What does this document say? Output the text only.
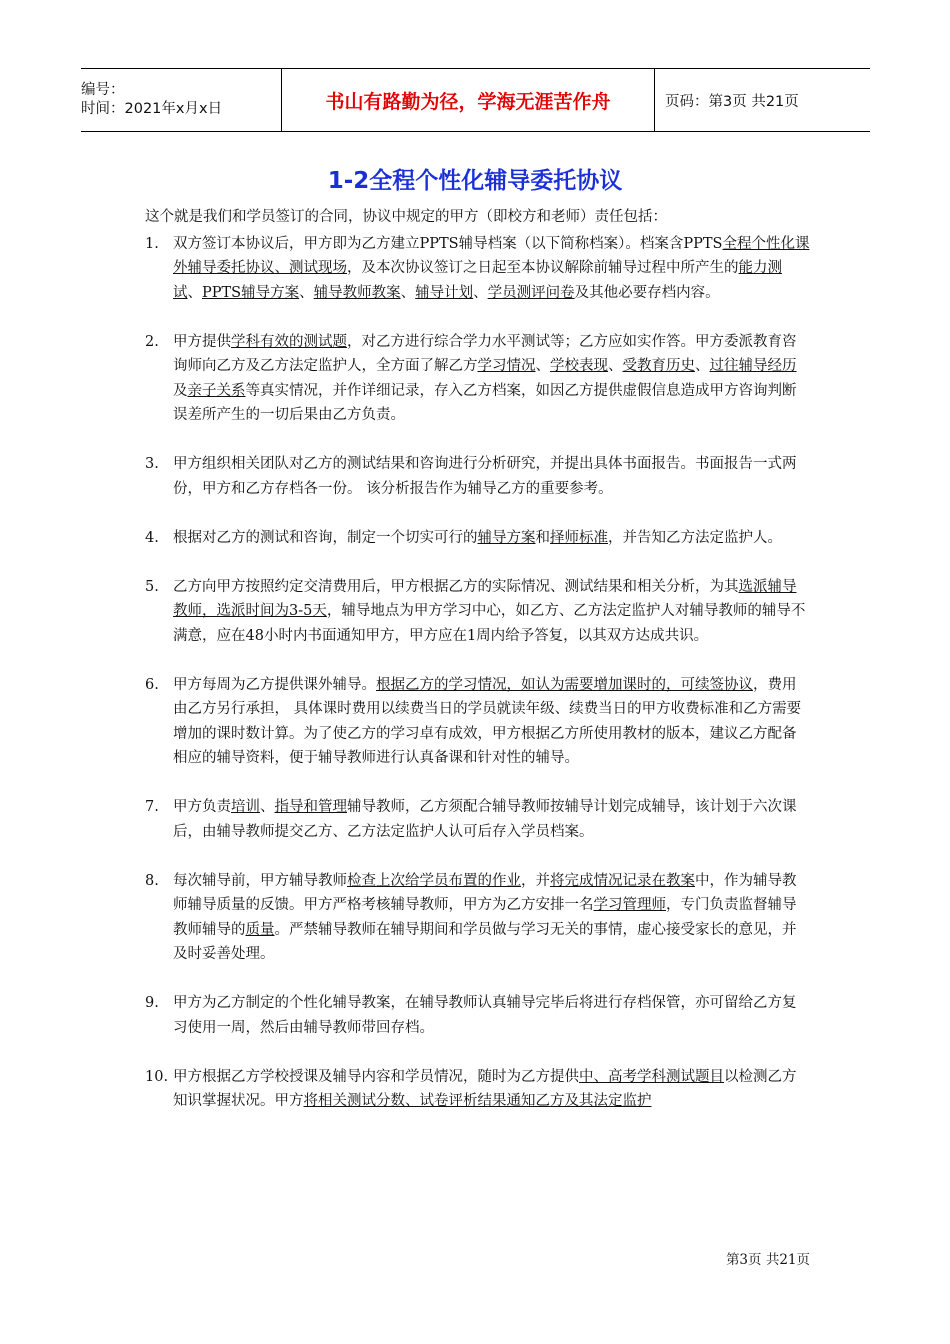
编号：
时间：2021年x月x日	书山有路勤为径，学海无涯苦作舟	页码：第3页 共21页
1-2全程个性化辅导委托协议

这个就是我们和学员签订的合同，协议中规定的甲方（即校方和老师）责任包括：

1. 双方签订本协议后，甲方即为乙方建立PPTS辅导档案（以下简称档案）。档案含PPTS全程个性化课外辅导委托协议、测试现场，及本次协议签订之日起至本协议解除前辅导过程中所产生的能力测试、PPTS辅导方案、辅导教师教案、辅导计划、学员测评问卷及其他必要存档内容。
2. 甲方提供学科有效的测试题，对乙方进行综合学力水平测试等；乙方应如实作答。甲方委派教育咨询师向乙方及乙方法定监护人，全方面了解乙方学习情况、学校表现、受教育历史、过往辅导经历及亲子关系等真实情况，并作详细记录，存入乙方档案，如因乙方提供虚假信息造成甲方咨询判断误差所产生的一切后果由乙方负责。
3. 甲方组织相关团队对乙方的测试结果和咨询进行分析研究，并提出具体书面报告。书面报告一式两份，甲方和乙方存档各一份。 该分析报告作为辅导乙方的重要参考。
4. 根据对乙方的测试和咨询，制定一个切实可行的辅导方案和择师标准，并告知乙方法定监护人。
5. 乙方向甲方按照约定交清费用后，甲方根据乙方的实际情况、测试结果和相关分析，为其选派辅导教师，选派时间为3-5天，辅导地点为甲方学习中心，如乙方、乙方法定监护人对辅导教师的辅导不满意，应在48小时内书面通知甲方，甲方应在1周内给予答复，以其双方达成共识。
6. 甲方每周为乙方提供课外辅导。根据乙方的学习情况，如认为需要增加课时的，可续签协议，费用由乙方另行承担， 具体课时费用以续费当日的学员就读年级、续费当日的甲方收费标准和乙方需要增加的课时数计算。为了使乙方的学习卓有成效，甲方根据乙方所使用教材的版本，建议乙方配备相应的辅导资料，便于辅导教师进行认真备课和针对性的辅导。
7. 甲方负责培训、指导和管理辅导教师，乙方须配合辅导教师按辅导计划完成辅导，该计划于六次课后，由辅导教师提交乙方、乙方法定监护人认可后存入学员档案。
8. 每次辅导前，甲方辅导教师检查上次给学员布置的作业，并将完成情况记录在教案中，作为辅导教师辅导质量的反馈。甲方严格考核辅导教师，甲方为乙方安排一名学习管理师，专门负责监督辅导教师辅导的质量。严禁辅导教师在辅导期间和学员做与学习无关的事情，虚心接受家长的意见，并及时妥善处理。
9. 甲方为乙方制定的个性化辅导教案，在辅导教师认真辅导完毕后将进行存档保管，亦可留给乙方复习使用一周，然后由辅导教师带回存档。
10. 甲方根据乙方学校授课及辅导内容和学员情况，随时为乙方提供中、高考学科测试题目以检测乙方知识掌握状况。甲方将相关测试分数、试卷评析结果通知乙方及其法定监护
第3页 共21页
